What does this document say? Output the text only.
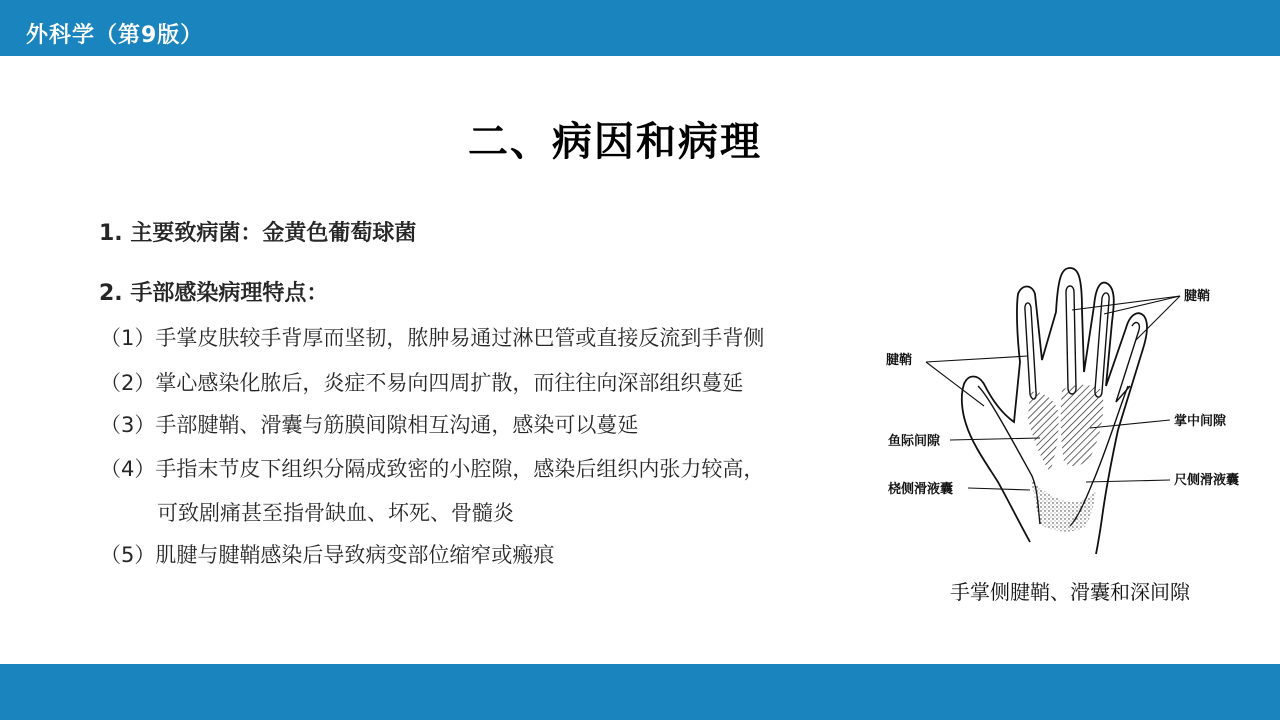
外科学（第9版）
二、病因和病理
1. 主要致病菌：金黄色葡萄球菌
2. 手部感染病理特点：
（1）手掌皮肤较手背厚而坚韧，脓肿易通过淋巴管或直接反流到手背侧
（2）掌心感染化脓后，炎症不易向四周扩散，而往往向深部组织蔓延
（3）手部腱鞘、滑囊与筋膜间隙相互沟通，感染可以蔓延
（4）手指末节皮下组织分隔成致密的小腔隙，感染后组织内张力较高，
可致剧痛甚至指骨缺血、坏死、骨髓炎
（5）肌腱与腱鞘感染后导致病变部位缩窄或瘢痕
腱鞘
腱鞘
掌中间隙
鱼际间隙
尺侧滑液囊
桡侧滑液囊
手掌侧腱鞘、滑囊和深间隙
